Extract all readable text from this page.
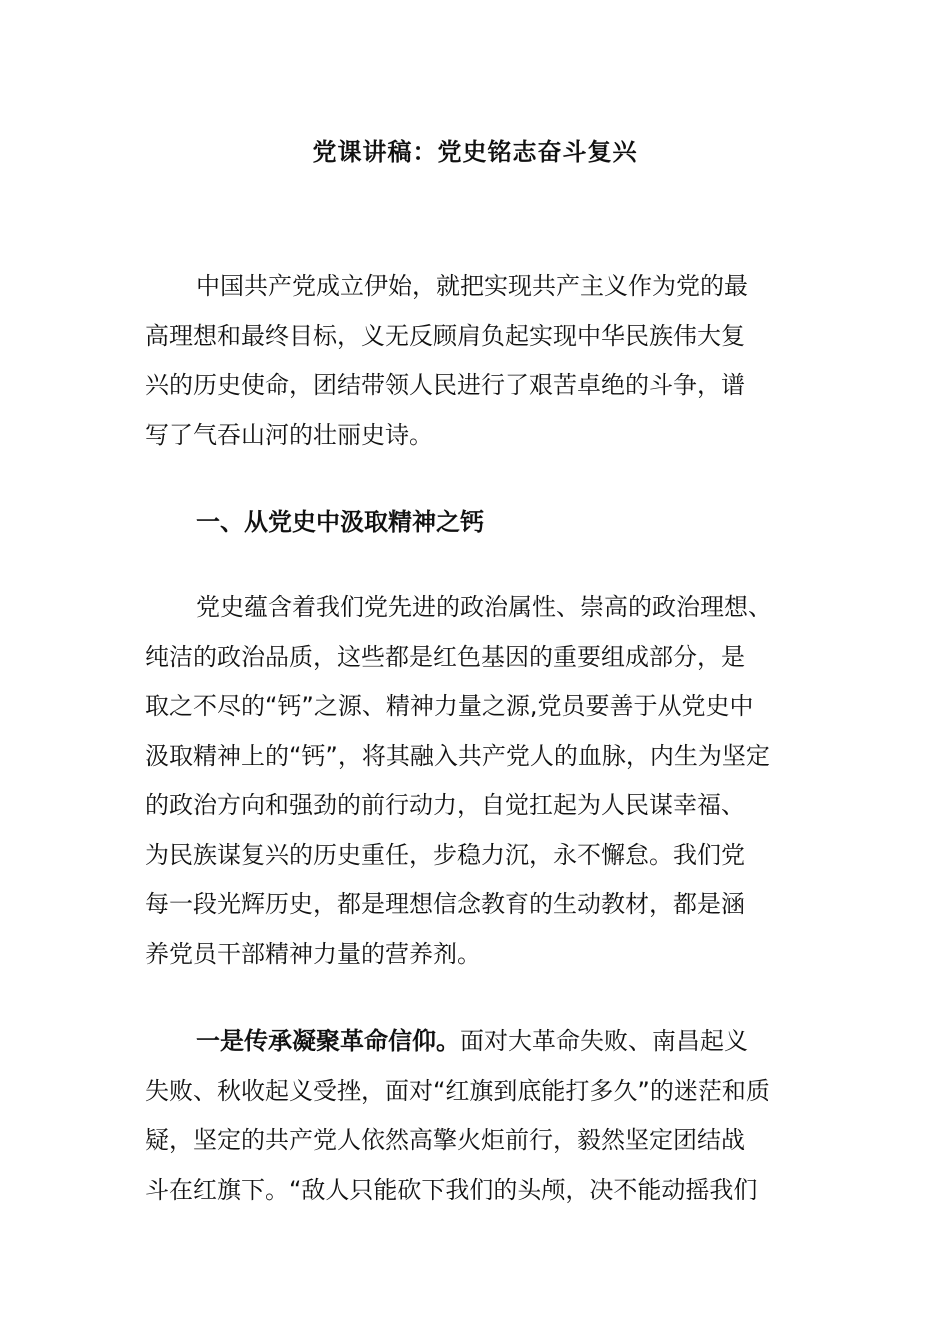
党课讲稿：党史铭志奋斗复兴
中国共产党成立伊始，就把实现共产主义作为党的最
高理想和最终目标，义无反顾肩负起实现中华民族伟大复
兴的历史使命，团结带领人民进行了艰苦卓绝的斗争，谱
写了气吞山河的壮丽史诗。
一、从党史中汲取精神之钙
党史蕴含着我们党先进的政治属性、崇高的政治理想、
纯洁的政治品质，这些都是红色基因的重要组成部分，是
取之不尽的“钙”之源、精神力量之源,党员要善于从党史中
汲取精神上的“钙”，将其融入共产党人的血脉，内生为坚定
的政治方向和强劲的前行动力，自觉扛起为人民谋幸福、
为民族谋复兴的历史重任，步稳力沉，永不懈怠。我们党
每一段光辉历史，都是理想信念教育的生动教材，都是涵
养党员干部精神力量的营养剂。
一是传承凝聚革命信仰。面对大革命失败、南昌起义
失败、秋收起义受挫，面对“红旗到底能打多久”的迷茫和质
疑，坚定的共产党人依然高擎火炬前行，毅然坚定团结战
斗在红旗下。“敌人只能砍下我们的头颅，决不能动摇我们
